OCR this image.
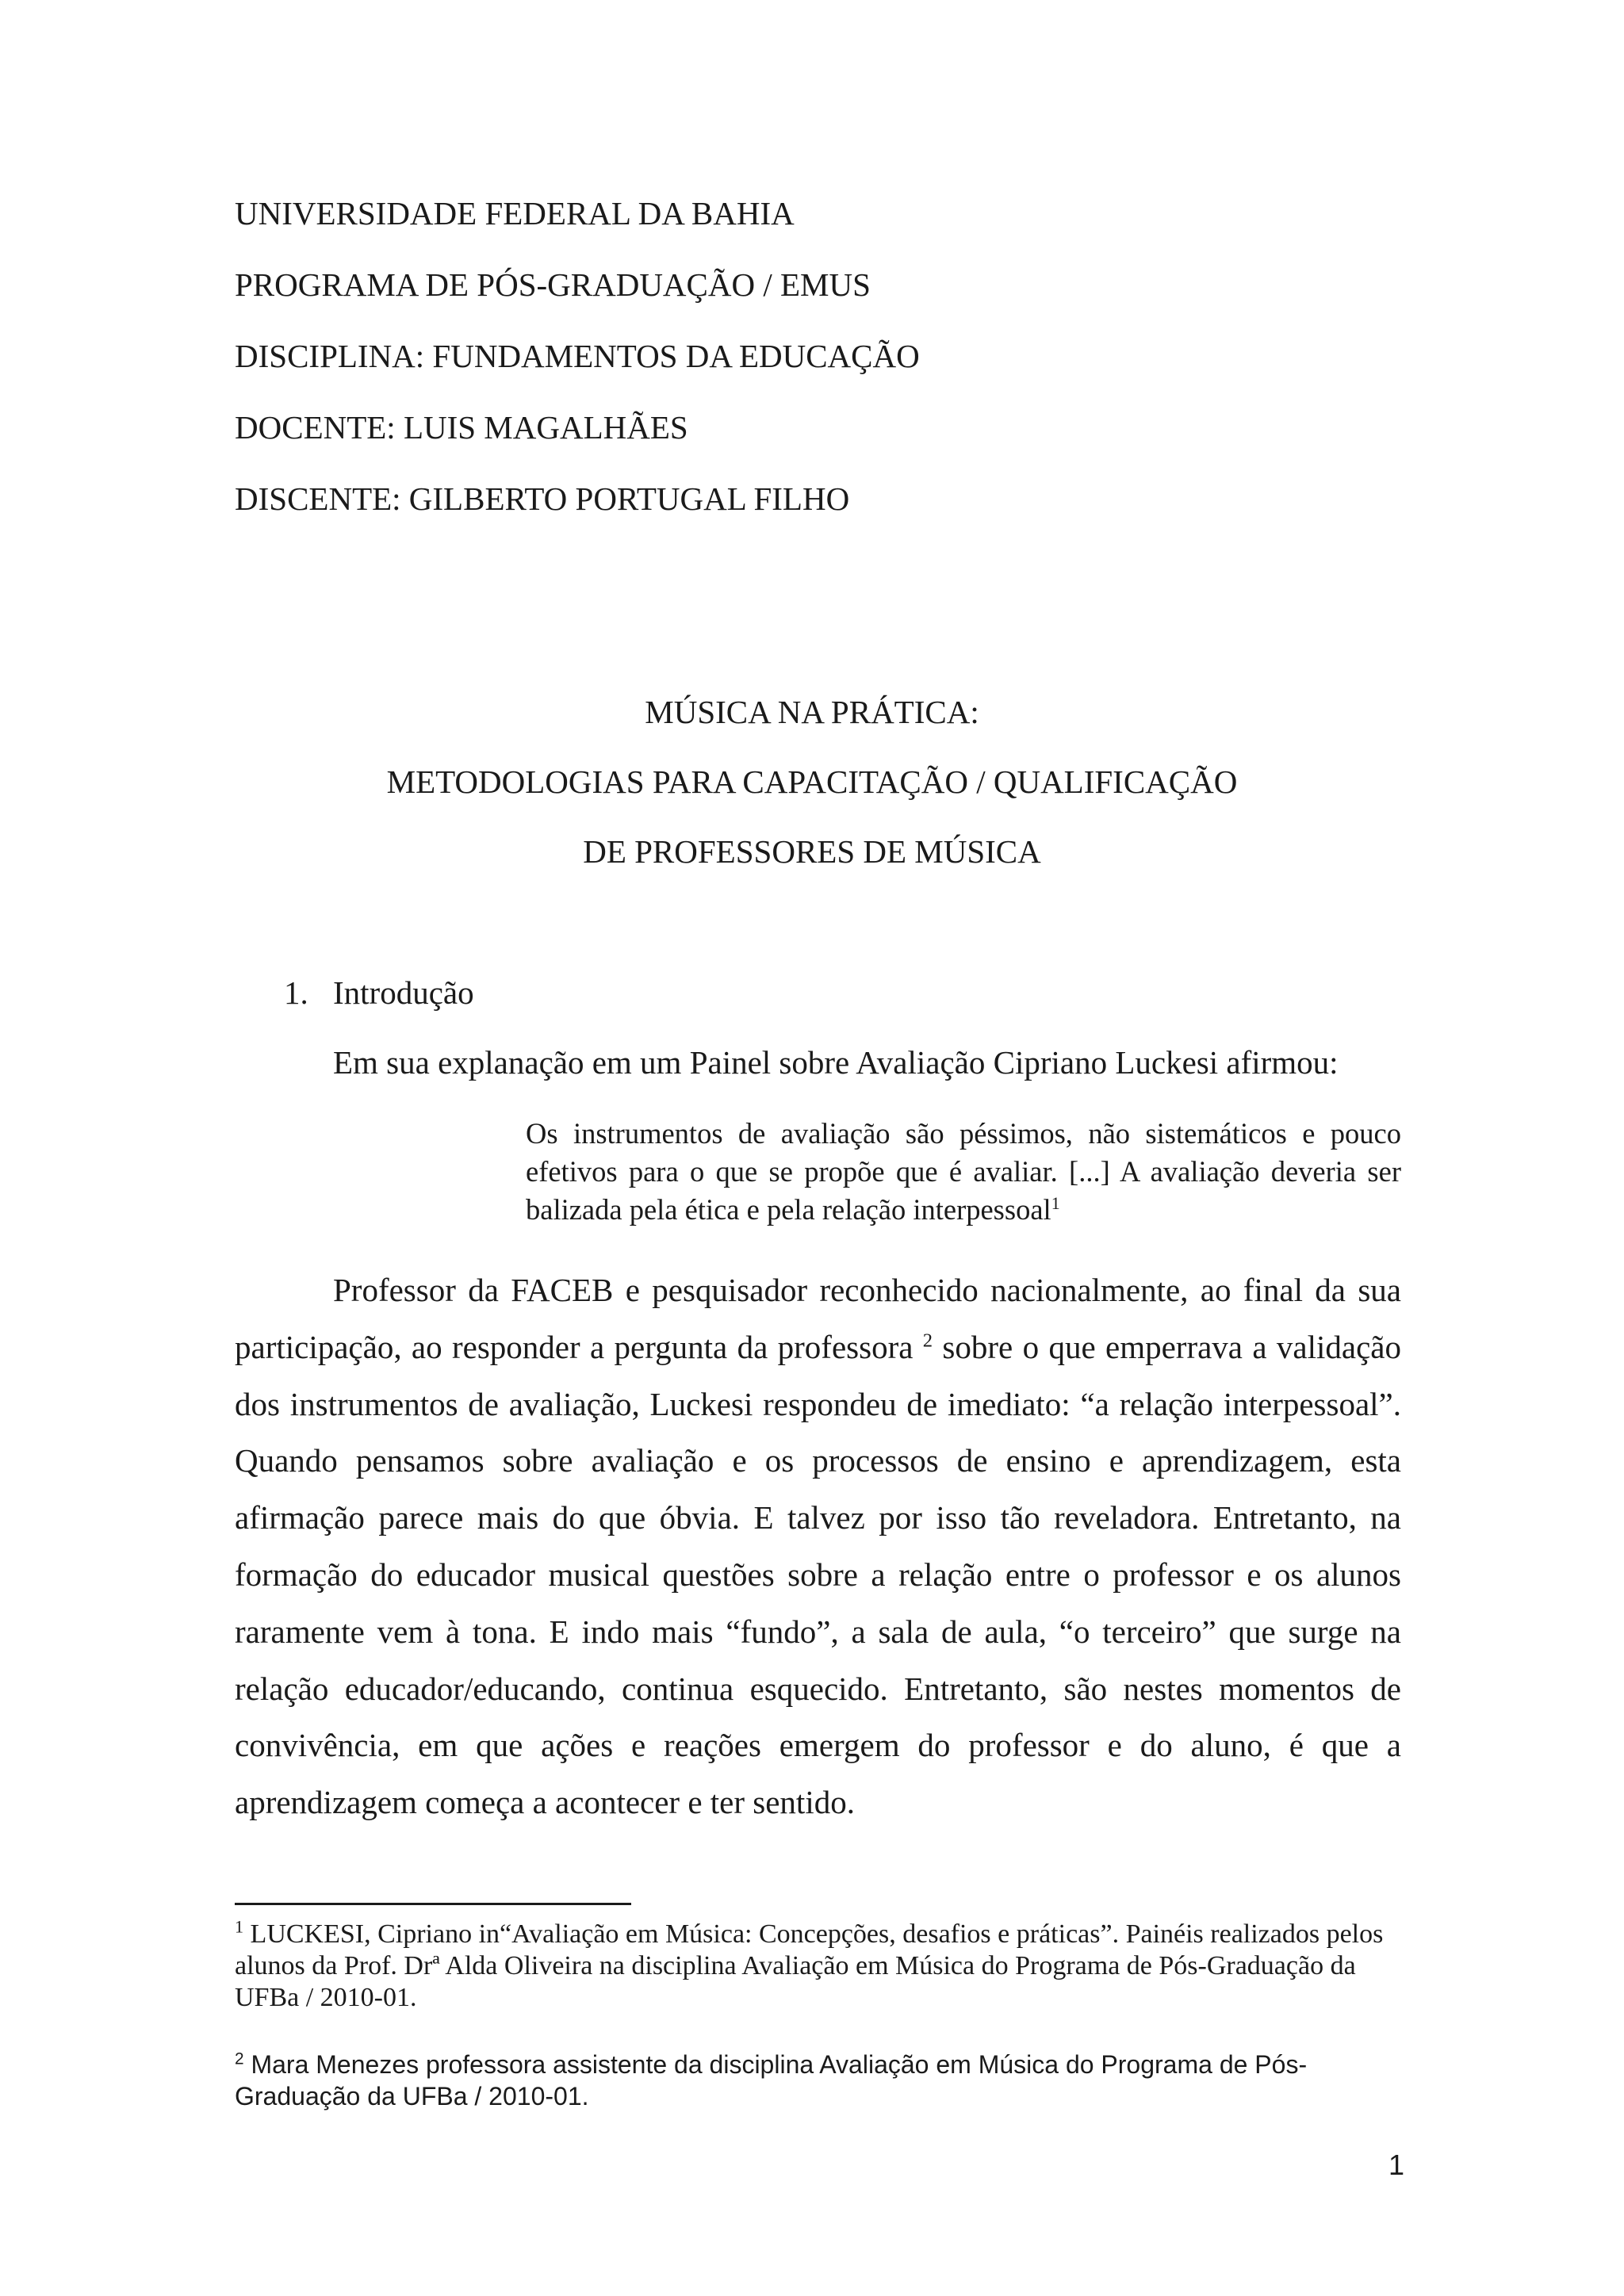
UNIVERSIDADE FEDERAL DA BAHIA
PROGRAMA DE PÓS-GRADUAÇÃO / EMUS
DISCIPLINA: FUNDAMENTOS DA EDUCAÇÃO
DOCENTE: LUIS MAGALHÃES
DISCENTE: GILBERTO PORTUGAL FILHO
MÚSICA NA PRÁTICA:
METODOLOGIAS PARA CAPACITAÇÃO / QUALIFICAÇÃO
DE PROFESSORES DE MÚSICA
1. Introdução
Em sua explanação em um Painel sobre Avaliação Cipriano Luckesi afirmou:
Os instrumentos de avaliação são péssimos, não sistemáticos e pouco efetivos para o que se propõe que é avaliar. [...] A avaliação deveria ser balizada pela ética e pela relação interpessoal$^1$
Professor da FACEB e pesquisador reconhecido nacionalmente, ao final da sua participação, ao responder a pergunta da professora $^2$ sobre o que emperrava a validação dos instrumentos de avaliação, Luckesi respondeu de imediato: “a relação interpessoal”. Quando pensamos sobre avaliação e os processos de ensino e aprendizagem, esta afirmação parece mais do que óbvia. E talvez por isso tão reveladora. Entretanto, na formação do educador musical questões sobre a relação entre o professor e os alunos raramente vem à tona. E indo mais “fundo”, a sala de aula, “o terceiro” que surge na relação educador/educando, continua esquecido. Entretanto, são nestes momentos de convivência, em que ações e reações emergem do professor e do aluno, é que a aprendizagem começa a acontecer e ter sentido.
$^1$ LUCKESI, Cipriano in“Avaliação em Música: Concepções, desafios e práticas”. Painéis realizados pelos alunos da Prof. Drª Alda Oliveira na disciplina Avaliação em Música do Programa de Pós-Graduação da UFBa / 2010-01.
$^2$ Mara Menezes professora assistente da disciplina Avaliação em Música do Programa de Pós-Graduação da UFBa / 2010-01.
1
